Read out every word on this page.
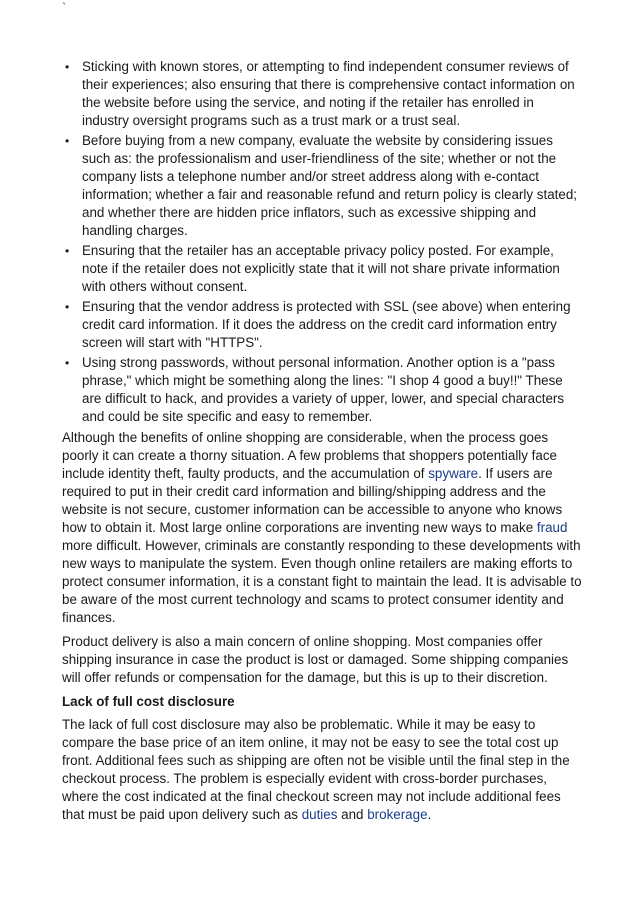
`
• Sticking with known stores, or attempting to find independent consumer reviews of their experiences; also ensuring that there is comprehensive contact information on the website before using the service, and noting if the retailer has enrolled in industry oversight programs such as a trust mark or a trust seal.
• Before buying from a new company, evaluate the website by considering issues such as: the professionalism and user-friendliness of the site; whether or not the company lists a telephone number and/or street address along with e-contact information; whether a fair and reasonable refund and return policy is clearly stated; and whether there are hidden price inflators, such as excessive shipping and handling charges.
• Ensuring that the retailer has an acceptable privacy policy posted. For example, note if the retailer does not explicitly state that it will not share private information with others without consent.
• Ensuring that the vendor address is protected with SSL (see above) when entering credit card information. If it does the address on the credit card information entry screen will start with "HTTPS".
• Using strong passwords, without personal information. Another option is a "pass phrase," which might be something along the lines: "I shop 4 good a buy!!" These are difficult to hack, and provides a variety of upper, lower, and special characters and could be site specific and easy to remember.

Although the benefits of online shopping are considerable, when the process goes poorly it can create a thorny situation. A few problems that shoppers potentially face include identity theft, faulty products, and the accumulation of spyware. If users are required to put in their credit card information and billing/shipping address and the website is not secure, customer information can be accessible to anyone who knows how to obtain it. Most large online corporations are inventing new ways to make fraud more difficult. However, criminals are constantly responding to these developments with new ways to manipulate the system. Even though online retailers are making efforts to protect consumer information, it is a constant fight to maintain the lead. It is advisable to be aware of the most current technology and scams to protect consumer identity and finances.

Product delivery is also a main concern of online shopping. Most companies offer shipping insurance in case the product is lost or damaged. Some shipping companies will offer refunds or compensation for the damage, but this is up to their discretion.

Lack of full cost disclosure

The lack of full cost disclosure may also be problematic. While it may be easy to compare the base price of an item online, it may not be easy to see the total cost up front. Additional fees such as shipping are often not be visible until the final step in the checkout process. The problem is especially evident with cross-border purchases, where the cost indicated at the final checkout screen may not include additional fees that must be paid upon delivery such as duties and brokerage.
